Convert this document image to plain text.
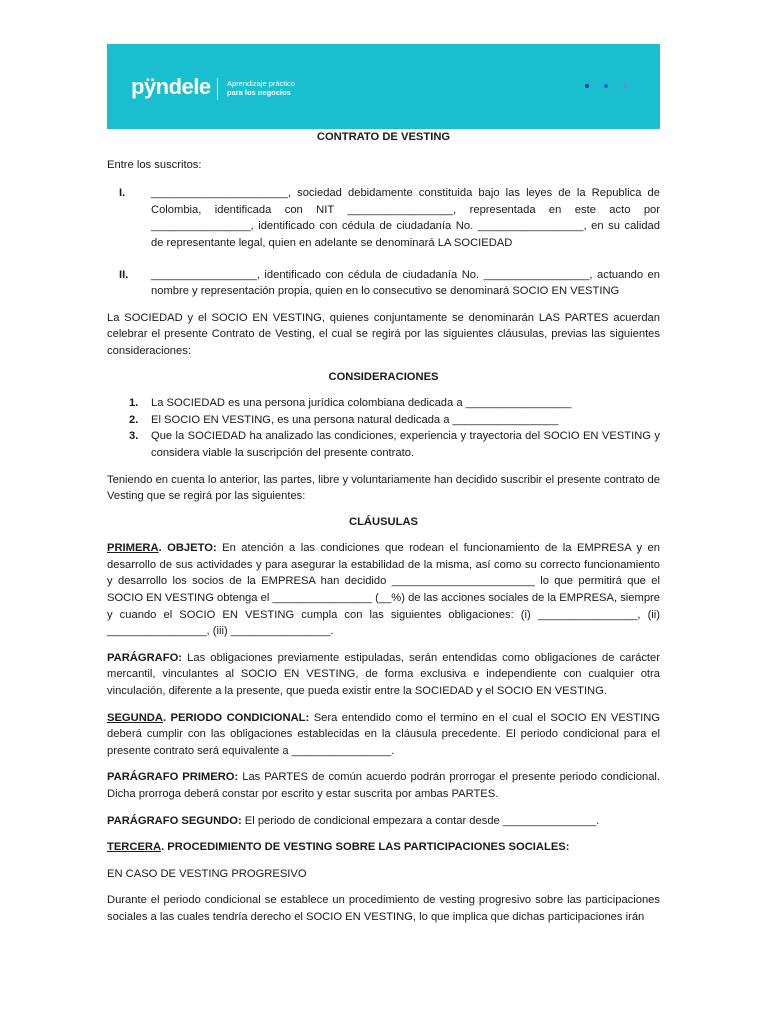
pÿndele Aprendizaje práctico
para los negocios

CONTRATO DE VESTING

Entre los suscritos:

I. ______________________, sociedad debidamente constituida bajo las leyes de la Republica de Colombia, identificada con NIT _________________, representada en este acto por ________________, identificado con cédula de ciudadanía No. _________________, en su calidad de representante legal, quien en adelante se denominará LA SOCIEDAD
II. _________________, identificado con cédula de ciudadanía No. _________________, actuando en nombre y representación propia, quien en lo consecutivo se denominará SOCIO EN VESTING

La SOCIEDAD y el SOCIO EN VESTING, quienes conjuntamente se denominarán LAS PARTES acuerdan celebrar el presente Contrato de Vesting, el cual se regirá por las siguientes cláusulas, previas las siguientes consideraciones:

CONSIDERACIONES

1. La SOCIEDAD es una persona jurídica colombiana dedicada a _________________
2. El SOCIO EN VESTING, es una persona natural dedicada a _________________
3. Que la SOCIEDAD ha analizado las condiciones, experiencia y trayectoria del SOCIO EN VESTING y considera viable la suscripción del presente contrato.

Teniendo en cuenta lo anterior, las partes, libre y voluntariamente han decidido suscribir el presente contrato de Vesting que se regirá por las siguientes:

CLÁUSULAS

PRIMERA. OBJETO: En atención a las condiciones que rodean el funcionamiento de la EMPRESA y en desarrollo de sus actividades y para asegurar la estabilidad de la misma, así como su correcto funcionamiento y desarrollo los socios de la EMPRESA han decidido _______________________ lo que permitirá que el SOCIO EN VESTING obtenga el ________________ (__%) de las acciones sociales de la EMPRESA, siempre y cuando el SOCIO EN VESTING cumpla con las siguientes obligaciones: (i) ________________, (ii) ________________, (iii) ________________.

PARÁGRAFO: Las obligaciones previamente estipuladas, serán entendidas como obligaciones de carácter mercantil, vinculantes al SOCIO EN VESTING, de forma exclusiva e independiente con cualquier otra vinculación, diferente a la presente, que pueda existir entre la SOCIEDAD y el SOCIO EN VESTING.

SEGUNDA. PERIODO CONDICIONAL: Sera entendido como el termino en el cual el SOCIO EN VESTING deberá cumplir con las obligaciones establecidas en la cláusula precedente. El periodo condicional para el presente contrato será equivalente a ________________.

PARÁGRAFO PRIMERO: Las PARTES de común acuerdo podrán prorrogar el presente periodo condicional. Dicha prorroga deberá constar por escrito y estar suscrita por ambas PARTES.

PARÁGRAFO SEGUNDO: El periodo de condicional empezara a contar desde _______________.

TERCERA. PROCEDIMIENTO DE VESTING SOBRE LAS PARTICIPACIONES SOCIALES:

EN CASO DE VESTING PROGRESIVO

Durante el periodo condicional se establece un procedimiento de vesting progresivo sobre las participaciones sociales a las cuales tendría derecho el SOCIO EN VESTING, lo que implica que dichas participaciones irán
